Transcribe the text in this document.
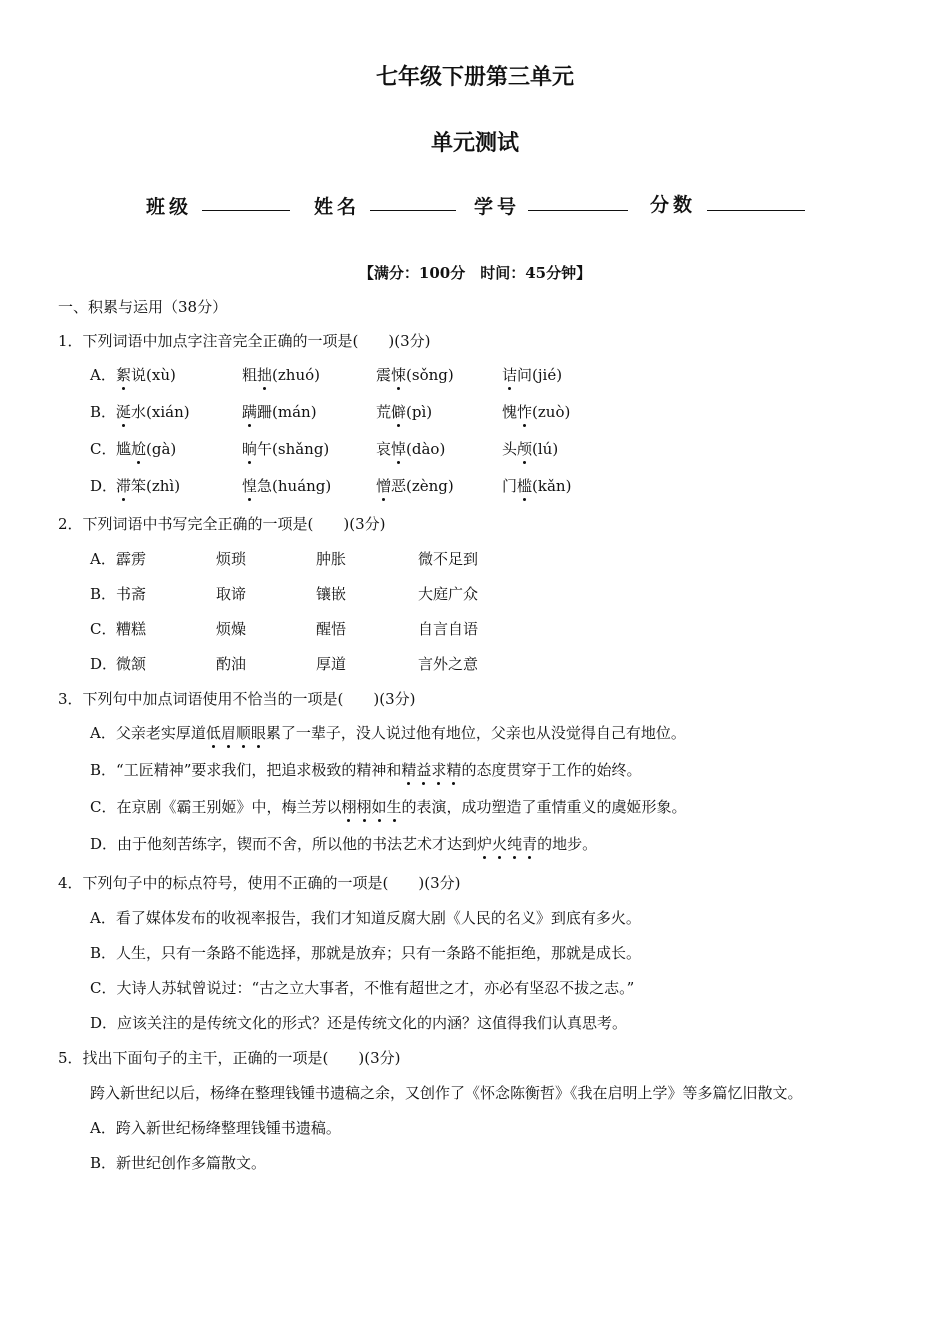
七年级下册第三单元
单元测试
班级	姓名	学号	分数
【满分：100分　时间：45分钟】
一、积累与运用（38分）
1．下列词语中加点字注音完全正确的一项是(　　)(3分)
A． 絮说(xù)	粗拙(zhuó)	震悚(sǒng)	诘问(jié)
B． 涎水(xián)	蹒跚(mán)	荒僻(pì)	愧怍(zuò)
C． 尴尬(gà)	晌午(shǎng)	哀悼(dào)	头颅(lú)
D．
滞笨(zhì)	惶急(huáng)	憎恶(zèng)	门槛(kǎn)
2．下列词语中书写完全正确的一项是(　　)(3分)
A． 霹雳	烦琐	肿胀	微不足到
B． 书斋	取谛	镶嵌	大庭广众
C． 糟糕	烦燥	醒悟	自言自语
D．
微颔	酌油	厚道	言外之意
3．下列句中加点词语使用不恰当的一项是(　　)(3分)
A．父亲老实厚道低眉顺眼累了一辈子，没人说过他有地位，父亲也从没觉得自己有地位。
B．“工匠精神”要求我们，把追求极致的精神和精益求精的态度贯穿于工作的始终。
C．在京剧《霸王别姬》中，梅兰芳以栩栩如生的表演，成功塑造了重情重义的虞姬形象。
D．由于他刻苦练字，锲而不舍，所以他的书法艺术才达到炉火纯青的地步。
4．下列句子中的标点符号，使用不正确的一项是(　　)(3分)
A．看了媒体发布的收视率报告，我们才知道反腐大剧《人民的名义》到底有多火。
B．人生，只有一条路不能选择，那就是放弃；只有一条路不能拒绝，那就是成长。
C．大诗人苏轼曾说过：“古之立大事者，不惟有超世之才，亦必有坚忍不拔之志。”
D．应该关注的是传统文化的形式？还是传统文化的内涵？这值得我们认真思考。
5．找出下面句子的主干，正确的一项是(　　)(3分)
跨入新世纪以后，杨绛在整理钱锺书遗稿之余，又创作了《怀念陈衡哲》《我在启明上学》等多篇忆旧散文。
A．跨入新世纪杨绛整理钱锺书遗稿。
B．新世纪创作多篇散文。
